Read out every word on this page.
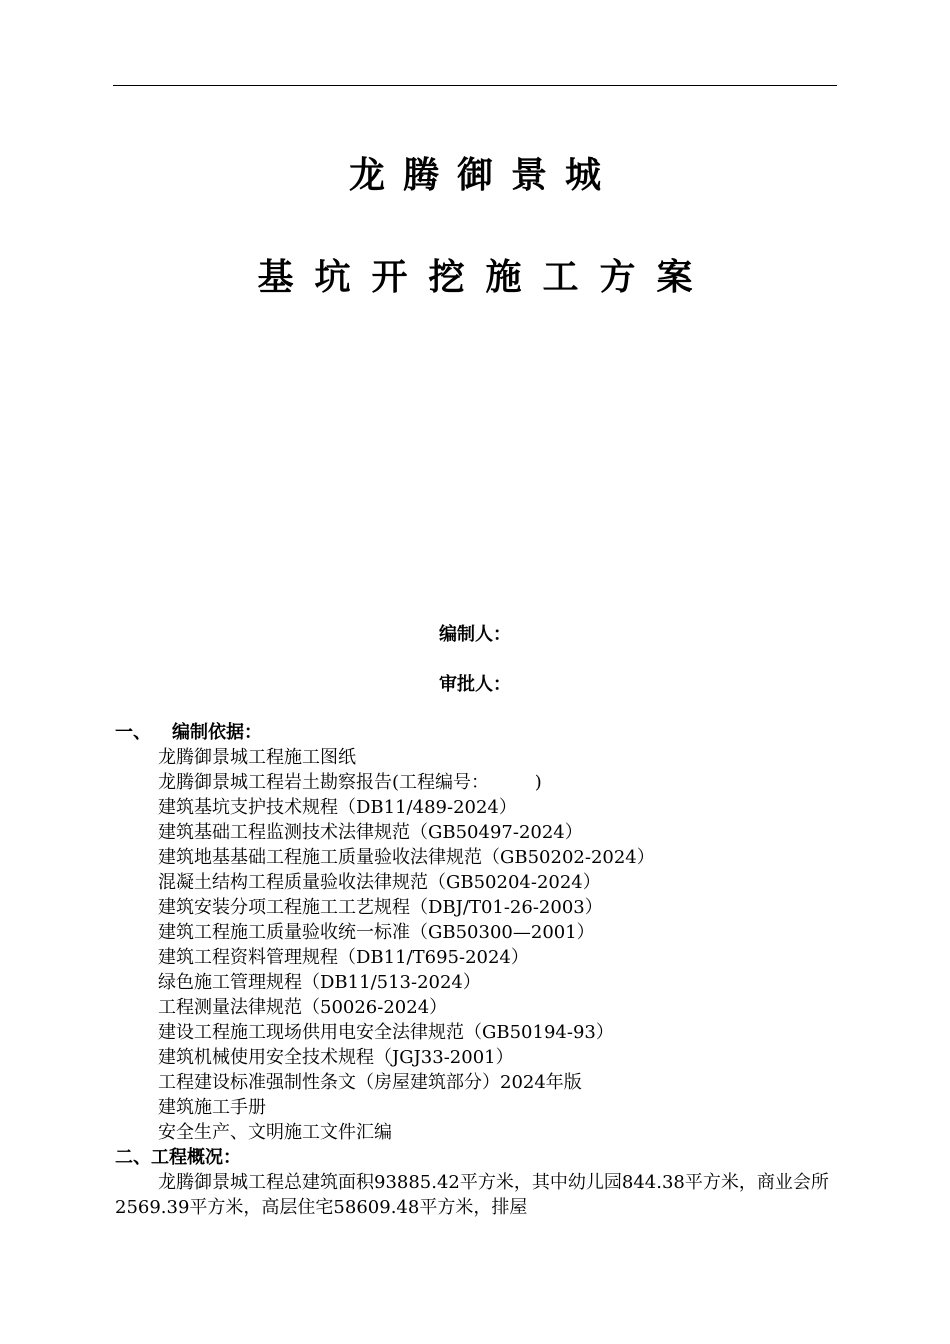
龙腾御景城
基坑开挖施工方案
编制人：
审批人：
一、 编制依据：
龙腾御景城工程施工图纸
龙腾御景城工程岩土勘察报告(工程编号：        )
建筑基坑支护技术规程（DB11/489-2024）
建筑基础工程监测技术法律规范（GB50497-2024）
建筑地基基础工程施工质量验收法律规范（GB50202-2024）
混凝土结构工程质量验收法律规范（GB50204-2024）
建筑安装分项工程施工工艺规程（DBJ/T01-26-2003）
建筑工程施工质量验收统一标准（GB50300—2001）
建筑工程资料管理规程（DB11/T695-2024）
绿色施工管理规程（DB11/513-2024）
工程测量法律规范（50026-2024）
建设工程施工现场供用电安全法律规范（GB50194-93）
建筑机械使用安全技术规程（JGJ33-2001）
工程建设标准强制性条文（房屋建筑部分）2024年版
建筑施工手册
安全生产、文明施工文件汇编
二、工程概况：

龙腾御景城工程总建筑面积93885.42平方米，其中幼儿园844.38平方米，商业会所2569.39平方米，高层住宅58609.48平方米，排屋
